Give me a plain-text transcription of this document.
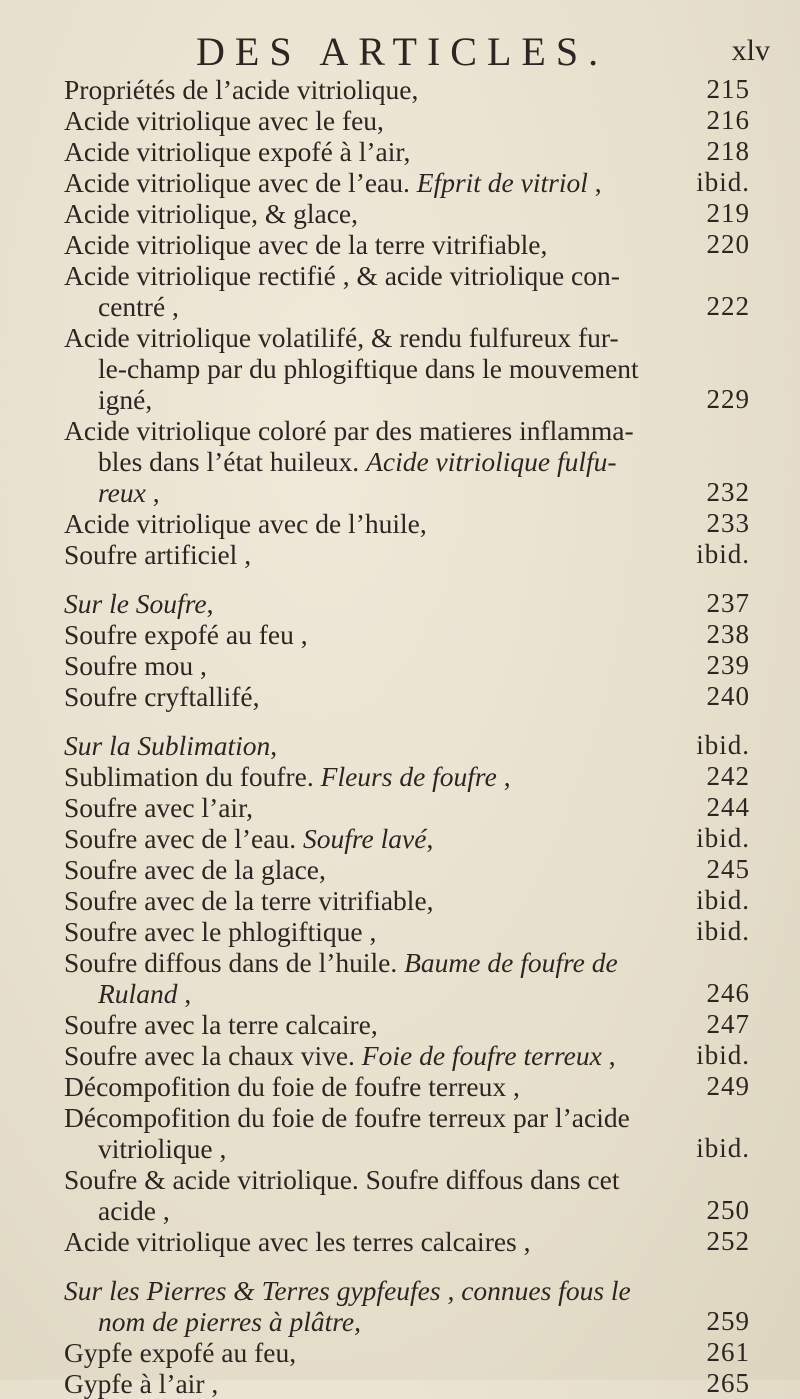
DES ARTICLES.	xlv
Propriétés de l’acide vitriolique,	215
Acide vitriolique avec le feu,	216
Acide vitriolique expofé à l’air,	218
Acide vitriolique avec de l’eau. Efprit de vitriol ,	ibid.
Acide vitriolique, & glace,	219
Acide vitriolique avec de la terre vitrifiable,	220
Acide vitriolique rectifié , & acide vitriolique con-
centré ,	222
Acide vitriolique volatilifé, & rendu fulfureux fur-
le-champ par du phlogiftique dans le mouvement
igné,	229
Acide vitriolique coloré par des matieres inflamma-
bles dans l’état huileux. Acide vitriolique fulfu-
reux ,	232
Acide vitriolique avec de l’huile,	233
Soufre artificiel ,	ibid.
Sur le Soufre,	237
Soufre expofé au feu ,	238
Soufre mou ,	239
Soufre cryftallifé,	240
Sur la Sublimation,	ibid.
Sublimation du foufre. Fleurs de foufre ,	242
Soufre avec l’air,	244
Soufre avec de l’eau. Soufre lavé,	ibid.
Soufre avec de la glace,	245
Soufre avec de la terre vitrifiable,	ibid.
Soufre avec le phlogiftique ,	ibid.
Soufre diffous dans de l’huile. Baume de foufre de
Ruland ,	246
Soufre avec la terre calcaire,	247
Soufre avec la chaux vive. Foie de foufre terreux ,	ibid.
Décompofition du foie de foufre terreux ,	249
Décompofition du foie de foufre terreux par l’acide
vitriolique ,	ibid.
Soufre & acide vitriolique. Soufre diffous dans cet
acide ,	250
Acide vitriolique avec les terres calcaires ,	252
Sur les Pierres & Terres gypfeufes , connues fous le
nom de pierres à plâtre,	259
Gypfe expofé au feu,	261
Gypfe à l’air ,	265
